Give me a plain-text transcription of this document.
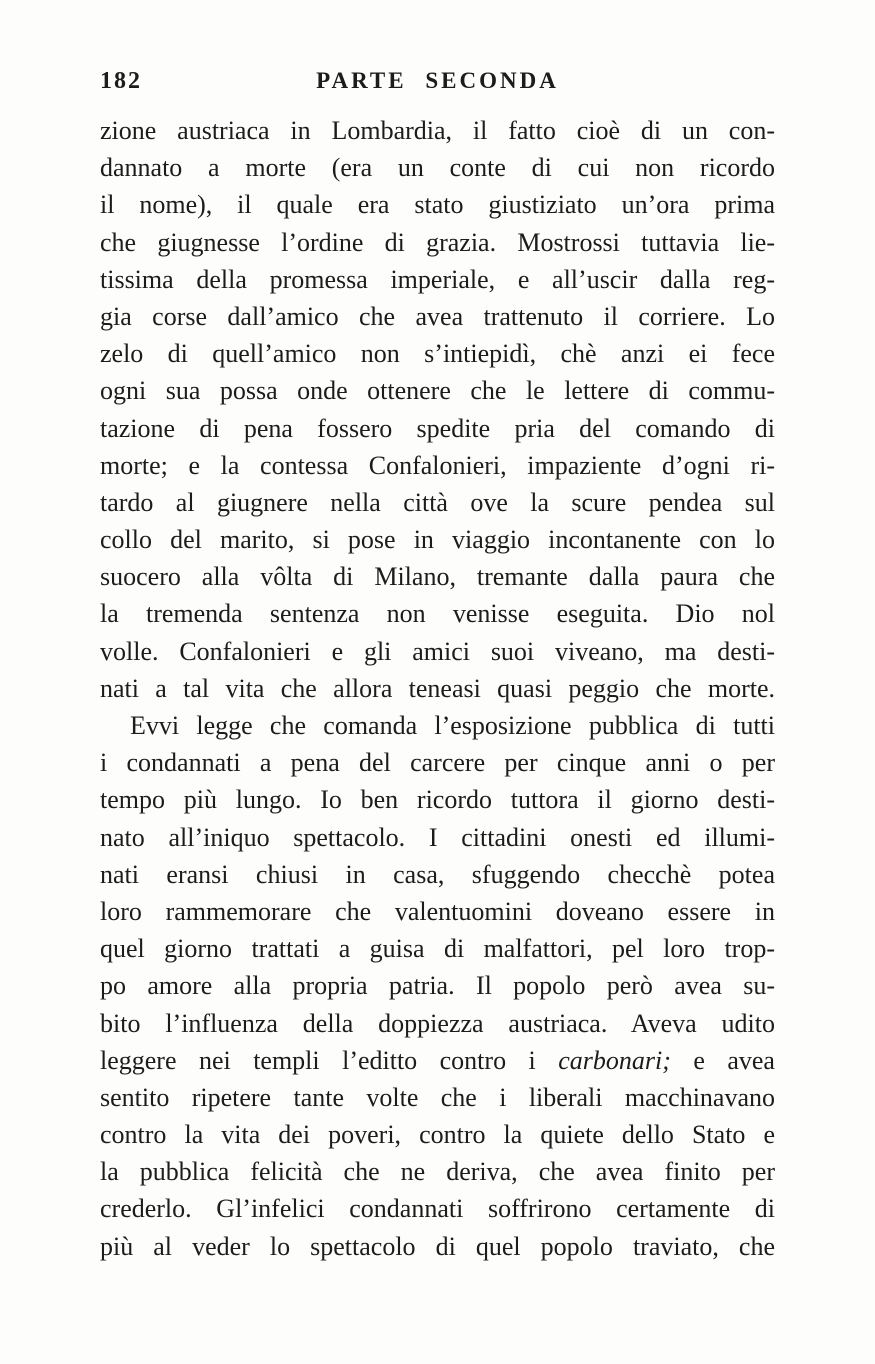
182	PARTE SECONDA
zione austriaca in Lombardia, il fatto cioè di un con-
dannato a morte (era un conte di cui non ricordo
il nome), il quale era stato giustiziato un’ora prima
che giugnesse l’ordine di grazia. Mostrossi tuttavia lie-
tissima della promessa imperiale, e all’uscir dalla reg-
gia corse dall’amico che avea trattenuto il corriere. Lo
zelo di quell’amico non s’intiepidì, chè anzi ei fece
ogni sua possa onde ottenere che le lettere di commu-
tazione di pena fossero spedite pria del comando di
morte; e la contessa Confalonieri, impaziente d’ogni ri-
tardo al giugnere nella città ove la scure pendea sul
collo del marito, si pose in viaggio incontanente con lo
suocero alla vôlta di Milano, tremante dalla paura che
la tremenda sentenza non venisse eseguita. Dio nol
volle. Confalonieri e gli amici suoi viveano, ma desti-
nati a tal vita che allora teneasi quasi peggio che morte.
Evvi legge che comanda l’esposizione pubblica di tutti
i condannati a pena del carcere per cinque anni o per
tempo più lungo. Io ben ricordo tuttora il giorno desti-
nato all’iniquo spettacolo. I cittadini onesti ed illumi-
nati eransi chiusi in casa, sfuggendo checchè potea
loro rammemorare che valentuomini doveano essere in
quel giorno trattati a guisa di malfattori, pel loro trop-
po amore alla propria patria. Il popolo però avea su-
bito l’influenza della doppiezza austriaca. Aveva udito
leggere nei templi l’editto contro i carbonari; e avea
sentito ripetere tante volte che i liberali macchinavano
contro la vita dei poveri, contro la quiete dello Stato e
la pubblica felicità che ne deriva, che avea finito per
crederlo. Gl’infelici condannati soffrirono certamente di
più al veder lo spettacolo di quel popolo traviato, che
